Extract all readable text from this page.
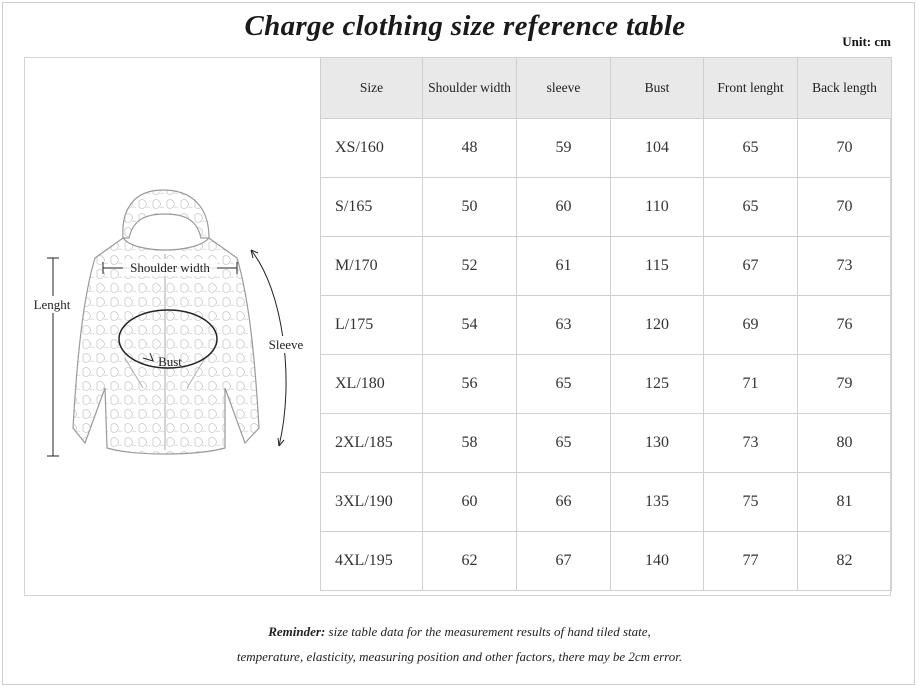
Charge clothing size reference table	Unit: cm
Shoulder width
Lenght
Sleeve
Bust
Size	Shoulder width	sleeve	Bust	Front lenght	Back length
XS/160	48	59	104	65	70
S/165	50	60	110	65	70
M/170	52	61	115	67	73
L/175	54	63	120	69	76
XL/180	56	65	125	71	79
2XL/185	58	65	130	73	80
3XL/190	60	66	135	75	81
4XL/195	62	67	140	77	82
Reminder: size table data for the measurement results of hand tiled state,
temperature, elasticity, measuring position and other factors, there may be 2cm error.
